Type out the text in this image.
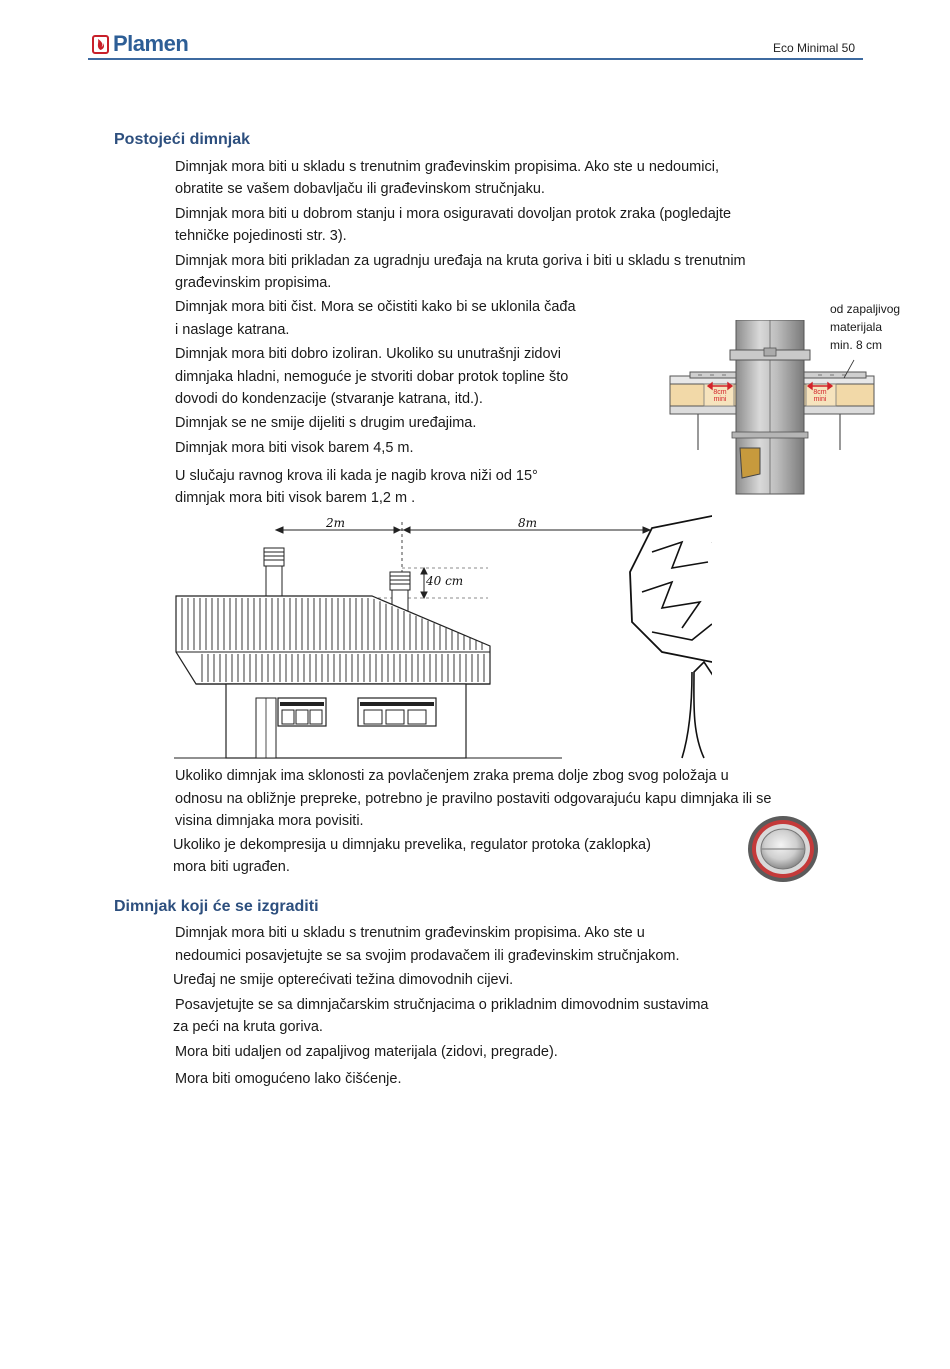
Plamen	Eco Minimal 50
Postojeći dimnjak
Dimnjak mora biti u skladu s trenutnim građevinskim propisima. Ako ste u nedoumici,
obratite se vašem dobavljaču ili građevinskom stručnjaku.
Dimnjak mora biti u dobrom stanju i mora osiguravati dovoljan protok zraka (pogledajte
tehničke pojedinosti str. 3).
Dimnjak mora biti prikladan za ugradnju uređaja na kruta goriva i biti u skladu s trenutnim
građevinskim propisima.
Dimnjak mora biti čist. Mora se očistiti kako bi se uklonila čađa
i naslage katrana.
Dimnjak mora biti dobro izoliran. Ukoliko su unutrašnji zidovi
dimnjaka hladni, nemoguće je stvoriti dobar protok topline što
dovodi do kondenzacije (stvaranje katrana, itd.).
Dimnjak se ne smije dijeliti s drugim uređajima.
Dimnjak mora biti visok barem 4,5 m.
U slučaju ravnog krova ili kada je nagib krova niži od 15°
dimnjak mora biti visok barem 1,2 m .
od zapaljivog
materijala
min. 8 cm
8cm
mini
8cm
mini
2m	8m
40 cm
Ukoliko dimnjak ima sklonosti za povlačenjem zraka prema dolje zbog svog položaja u
odnosu na obližnje prepreke, potrebno je pravilno postaviti odgovarajuću kapu dimnjaka ili se
visina dimnjaka mora povisiti.
Ukoliko je dekompresija u dimnjaku prevelika, regulator protoka (zaklopka)
mora biti ugrađen.
Dimnjak koji će se izgraditi
Dimnjak mora biti u skladu s trenutnim građevinskim propisima. Ako ste u
nedoumici posavjetujte se sa svojim prodavačem ili građevinskim stručnjakom.
Uređaj ne smije opterećivati težina dimovodnih cijevi.
Posavjetujte se sa dimnjačarskim stručnjacima o prikladnim dimovodnim sustavima
za peći na kruta goriva.
Mora biti udaljen od zapaljivog materijala (zidovi, pregrade).
Mora biti omogućeno lako čišćenje.
